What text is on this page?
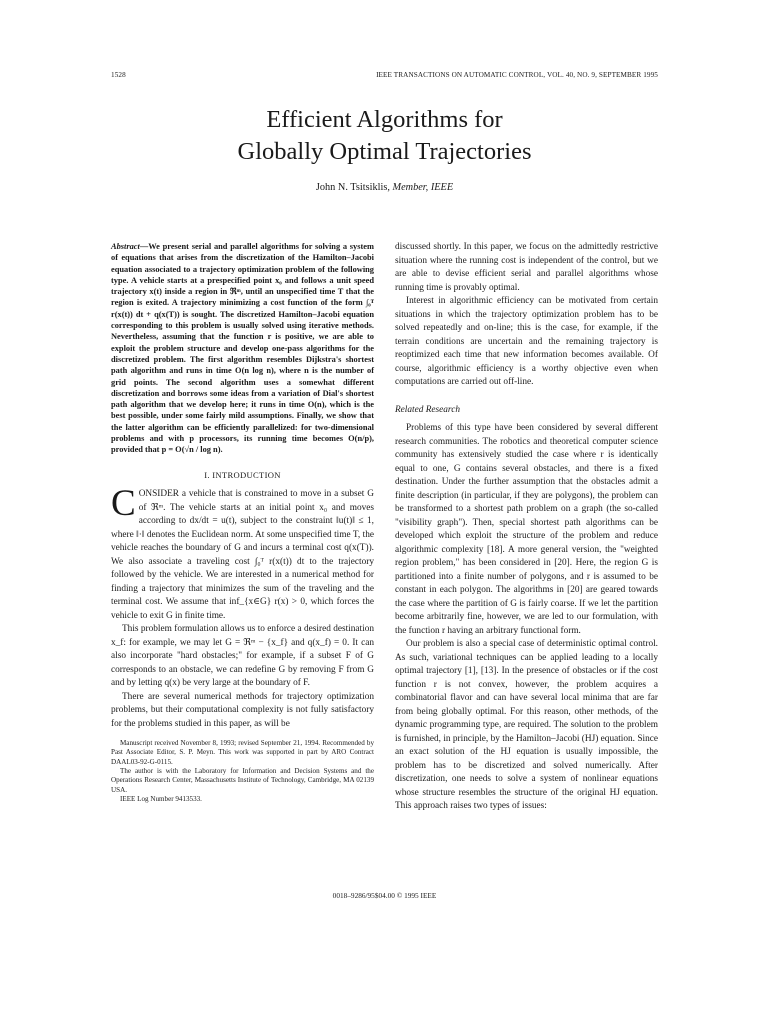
1528	IEEE TRANSACTIONS ON AUTOMATIC CONTROL, VOL. 40, NO. 9, SEPTEMBER 1995
Efficient Algorithms for
Globally Optimal Trajectories
John N. Tsitsiklis, Member, IEEE
Abstract—We present serial and parallel algorithms for solving a system of equations that arises from the discretization of the Hamilton–Jacobi equation associated to a trajectory optimization problem of the following type. A vehicle starts at a prespecified point x₀ and follows a unit speed trajectory x(t) inside a region in ℜᵐ, until an unspecified time T that the region is exited. A trajectory minimizing a cost function of the form ∫₀ᵀ r(x(t)) dt + q(x(T)) is sought. The discretized Hamilton–Jacobi equation corresponding to this problem is usually solved using iterative methods. Nevertheless, assuming that the function r is positive, we are able to exploit the problem structure and develop one-pass algorithms for the discretized problem. The first algorithm resembles Dijkstra's shortest path algorithm and runs in time O(n log n), where n is the number of grid points. The second algorithm uses a somewhat different discretization and borrows some ideas from a variation of Dial's shortest path algorithm that we develop here; it runs in time O(n), which is the best possible, under some fairly mild assumptions. Finally, we show that the latter algorithm can be efficiently parallelized: for two-dimensional problems and with p processors, its running time becomes O(n/p), provided that p = O(√n / log n).
I. INTRODUCTION

CONSIDER a vehicle that is constrained to move in a subset G of ℜᵐ. The vehicle starts at an initial point x₀ and moves according to dx/dt = u(t), subject to the constraint ‖u(t)‖ ≤ 1, where ‖·‖ denotes the Euclidean norm. At some unspecified time T, the vehicle reaches the boundary of G and incurs a terminal cost q(x(T)). We also associate a traveling cost ∫₀ᵀ r(x(t)) dt to the trajectory followed by the vehicle. We are interested in a numerical method for finding a trajectory that minimizes the sum of the traveling and the terminal cost. We assume that inf_{x∈G} r(x) > 0, which forces the vehicle to exit G in finite time.

This problem formulation allows us to enforce a desired destination x_f: for example, we may let G = ℜᵐ − {x_f} and q(x_f) = 0. It can also incorporate "hard obstacles;" for example, if a subset F of G corresponds to an obstacle, we can redefine G by removing F from G and by letting q(x) be very large at the boundary of F.

There are several numerical methods for trajectory optimization problems, but their computational complexity is not fully satisfactory for the problems studied in this paper, as will be

Manuscript received November 8, 1993; revised September 21, 1994. Recommended by Past Associate Editor, S. P. Meyn. This work was supported in part by ARO Contract DAAL03-92-G-0115.
The author is with the Laboratory for Information and Decision Systems and the Operations Research Center, Massachusetts Institute of Technology, Cambridge, MA 02139 USA.
IEEE Log Number 9413533.

discussed shortly. In this paper, we focus on the admittedly restrictive situation where the running cost is independent of the control, but we are able to devise efficient serial and parallel algorithms whose running time is provably optimal.

Interest in algorithmic efficiency can be motivated from certain situations in which the trajectory optimization problem has to be solved repeatedly and on-line; this is the case, for example, if the terrain conditions are uncertain and the remaining trajectory is reoptimized each time that new information becomes available. Of course, algorithmic efficiency is a worthy objective even when computations are carried out off-line.

Related Research

Problems of this type have been considered by several different research communities. The robotics and theoretical computer science community has extensively studied the case where r is identically equal to one, G contains several obstacles, and there is a fixed destination. Under the further assumption that the obstacles admit a finite description (in particular, if they are polygons), the problem can be transformed to a shortest path problem on a graph (the so-called "visibility graph"). Then, special shortest path algorithms can be developed which exploit the structure of the problem and reduce algorithmic complexity [18]. A more general version, the "weighted region problem," has been considered in [20]. Here, the region G is partitioned into a finite number of polygons, and r is assumed to be constant in each polygon. The algorithms in [20] are geared towards the case where the partition of G is fairly coarse. If we let the partition become arbitrarily fine, however, we are led to our formulation, with the function r having an arbitrary functional form.

Our problem is also a special case of deterministic optimal control. As such, variational techniques can be applied leading to a locally optimal trajectory [1], [13]. In the presence of obstacles or if the cost function r is not convex, however, the problem acquires a combinatorial flavor and can have several local minima that are far from being globally optimal. For this reason, other methods, of the dynamic programming type, are required. The solution to the problem is furnished, in principle, by the Hamilton–Jacobi (HJ) equation. Since an exact solution of the HJ equation is usually impossible, the problem has to be discretized and solved numerically. After discretization, one needs to solve a system of nonlinear equations whose structure resembles the structure of the original HJ equation. This approach raises two types of issues:

0018–9286/95$04.00 © 1995 IEEE
